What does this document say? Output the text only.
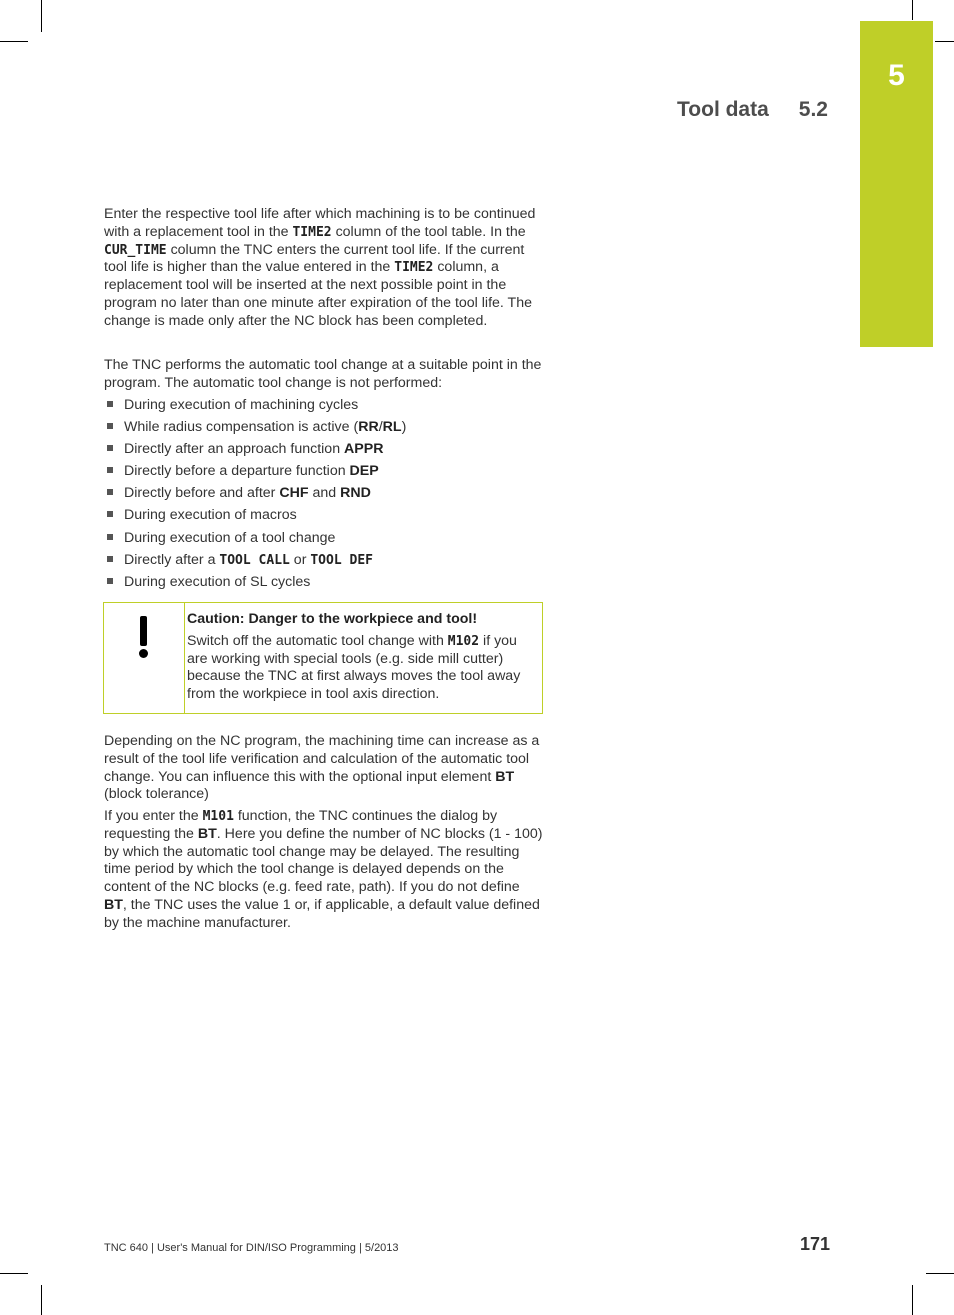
5
Tool data 5.2

Enter the respective tool life after which machining is to be continued with a replacement tool in the TIME2 column of the tool table. In the CUR_TIME column the TNC enters the current tool life. If the current tool life is higher than the value entered in the TIME2 column, a replacement tool will be inserted at the next possible point in the program no later than one minute after expiration of the tool life. The change is made only after the NC block has been completed.

The TNC performs the automatic tool change at a suitable point in the program. The automatic tool change is not performed:

During execution of machining cycles
While radius compensation is active (RR/RL)
Directly after an approach function APPR
Directly before a departure function DEP
Directly before and after CHF and RND
During execution of macros
During execution of a tool change
Directly after a TOOL CALL or TOOL DEF
During execution of SL cycles
Caution: Danger to the workpiece and tool!
Switch off the automatic tool change with M102 if you are working with special tools (e.g. side mill cutter) because the TNC at first always moves the tool away from the workpiece in tool axis direction.

Depending on the NC program, the machining time can increase as a result of the tool life verification and calculation of the automatic tool change. You can influence this with the optional input element BT (block tolerance)

If you enter the M101 function, the TNC continues the dialog by requesting the BT. Here you define the number of NC blocks (1 - 100) by which the automatic tool change may be delayed. The resulting time period by which the tool change is delayed depends on the content of the NC blocks (e.g. feed rate, path). If you do not define BT, the TNC uses the value 1 or, if applicable, a default value defined by the machine manufacturer.

TNC 640 | User's Manual for DIN/ISO Programming | 5/2013	171
